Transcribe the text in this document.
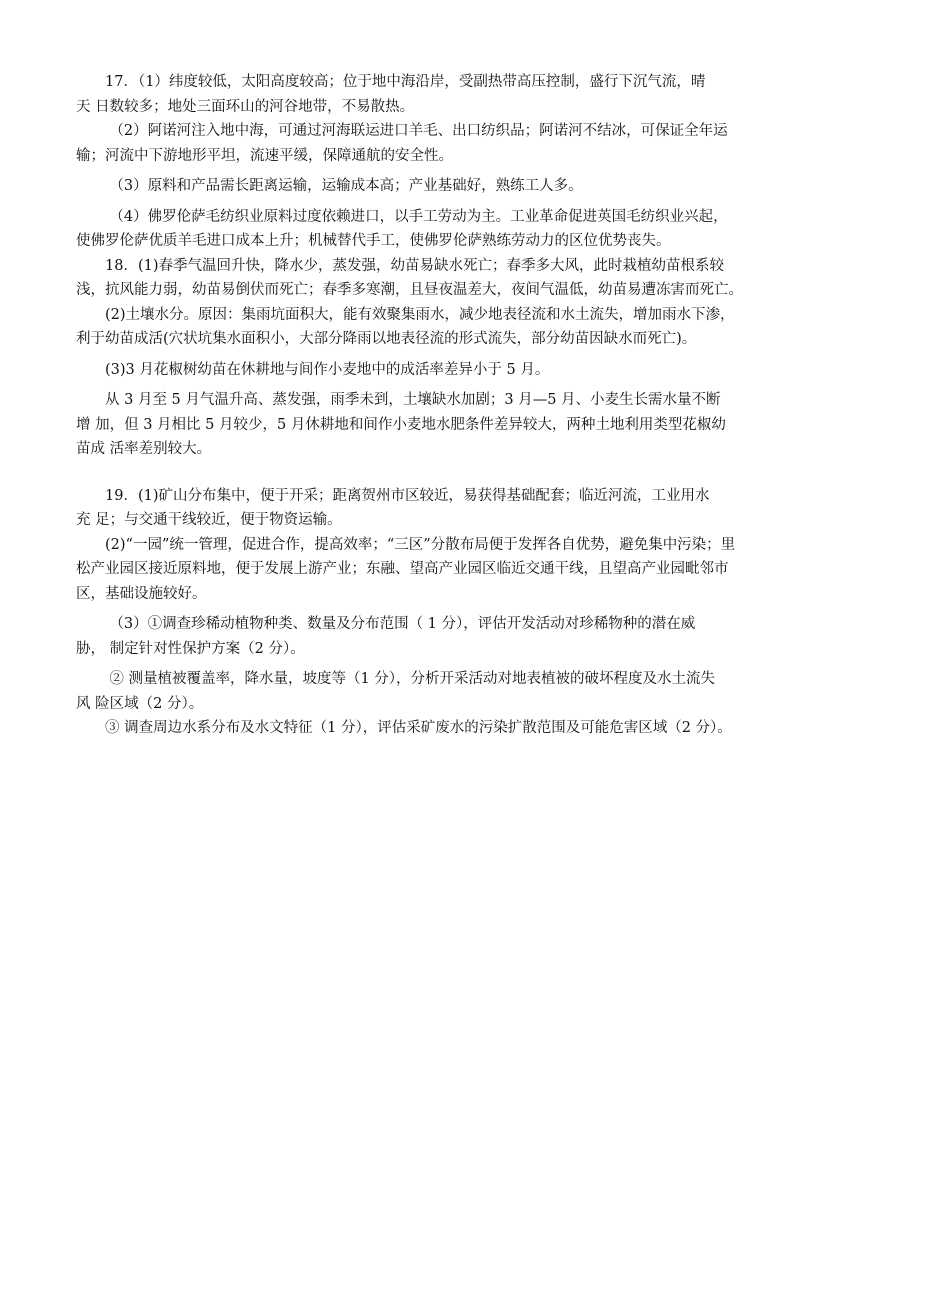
17．（1）纬度较低，太阳高度较高；位于地中海沿岸，受副热带高压控制，盛行下沉气流，晴
天 日数较多；地处三面环山的河谷地带，不易散热。

（2）阿诺河注入地中海，可通过河海联运进口羊毛、出口纺织品；阿诺河不结冰，可保证全年运
输；河流中下游地形平坦，流速平缓，保障通航的安全性。

（3）原料和产品需长距离运输，运输成本高；产业基础好，熟练工人多。

（4）佛罗伦萨毛纺织业原料过度依赖进口，以手工劳动为主。工业革命促进英国毛纺织业兴起，
使佛罗伦萨优质羊毛进口成本上升；机械替代手工，使佛罗伦萨熟练劳动力的区位优势丧失。

18．(1)春季气温回升快，降水少，蒸发强，幼苗易缺水死亡；春季多大风，此时栽植幼苗根系较
浅，抗风能力弱，幼苗易倒伏而死亡；春季多寒潮，且昼夜温差大，夜间气温低，幼苗易遭冻害而死亡。

(2)土壤水分。原因：集雨坑面积大，能有效聚集雨水，减少地表径流和水土流失，增加雨水下渗，
利于幼苗成活(穴状坑集水面积小，大部分降雨以地表径流的形式流失，部分幼苗因缺水而死亡)。

(3)3 月花椒树幼苗在休耕地与间作小麦地中的成活率差异小于 5 月。

从 3 月至 5 月气温升高、蒸发强，雨季未到，土壤缺水加剧；3 月—5 月、小麦生长需水量不断
增 加，但 3 月相比 5 月较少，5 月休耕地和间作小麦地水肥条件差异较大，两种土地利用类型花椒幼
苗成 活率差别较大。

19．(1)矿山分布集中，便于开采；距离贺州市区较近，易获得基础配套；临近河流，工业用水
充 足；与交通干线较近，便于物资运输。

(2)“一园”统一管理，促进合作，提高效率；“三区”分散布局便于发挥各自优势，避免集中污染；里
松产业园区接近原料地，便于发展上游产业；东融、望高产业园区临近交通干线，且望高产业园毗邻市
区，基础设施较好。

（3）①调查珍稀动植物种类、数量及分布范围（ 1 分），评估开发活动对珍稀物种的潜在威
胁， 制定针对性保护方案（2 分）。

② 测量植被覆盖率，降水量，坡度等（1 分），分析开采活动对地表植被的破坏程度及水土流失
风 险区域（2 分）。

③ 调查周边水系分布及水文特征（1 分），评估采矿废水的污染扩散范围及可能危害区域（2 分）。
